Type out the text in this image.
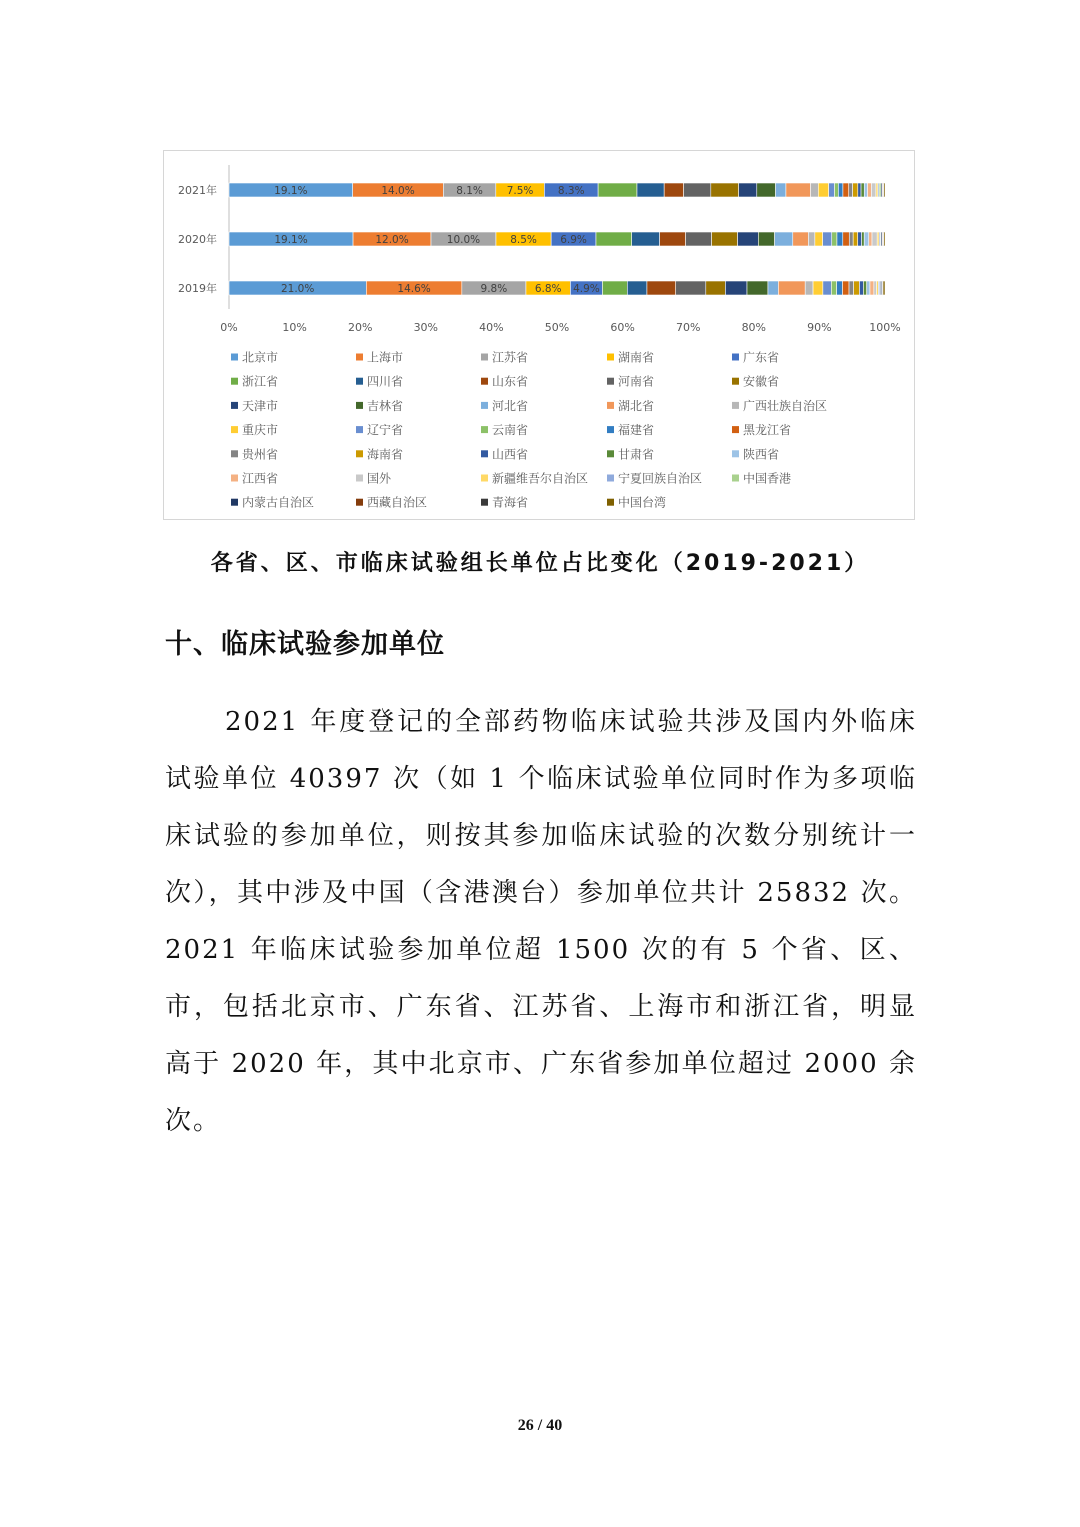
2021年
2020年
2019年
0%	10%	20%	30%	40%	50%	60%	70%	80%	90%	100%
19.1%	14.0%	8.1% 7.5% 8.3%
19.1%	12.0%	10.0%	8.5% 6.9%
21.0%	14.6%	9.8%	6.8% 4.9%
北京市	上海市	江苏省	湖南省	广东省
浙江省	四川省	山东省	河南省	安徽省
天津市	吉林省	河北省	湖北省	广西壮族自治区
重庆市	辽宁省	云南省	福建省	黑龙江省
贵州省	海南省	山西省	甘肃省	陕西省
江西省	国外	新疆维吾尔自治区 宁夏回族自治区	中国香港
内蒙古自治区	西藏自治区	青海省	中国台湾
各省、区、市临床试验组长单位占比变化（2019-2021）
十、临床试验参加单位

2021 年度登记的全部药物临床试验共涉及国内外临床试验单位 40397 次（如 1 个临床试验单位同时作为多项临床试验的参加单位，则按其参加临床试验的次数分别统计一次），其中涉及中国（含港澳台）参加单位共计 25832 次。2021 年临床试验参加单位超 1500 次的有 5 个省、区、市，包括北京市、广东省、江苏省、上海市和浙江省，明显高于 2020 年，其中北京市、广东省参加单位超过 2000 余次。

26 / 40
